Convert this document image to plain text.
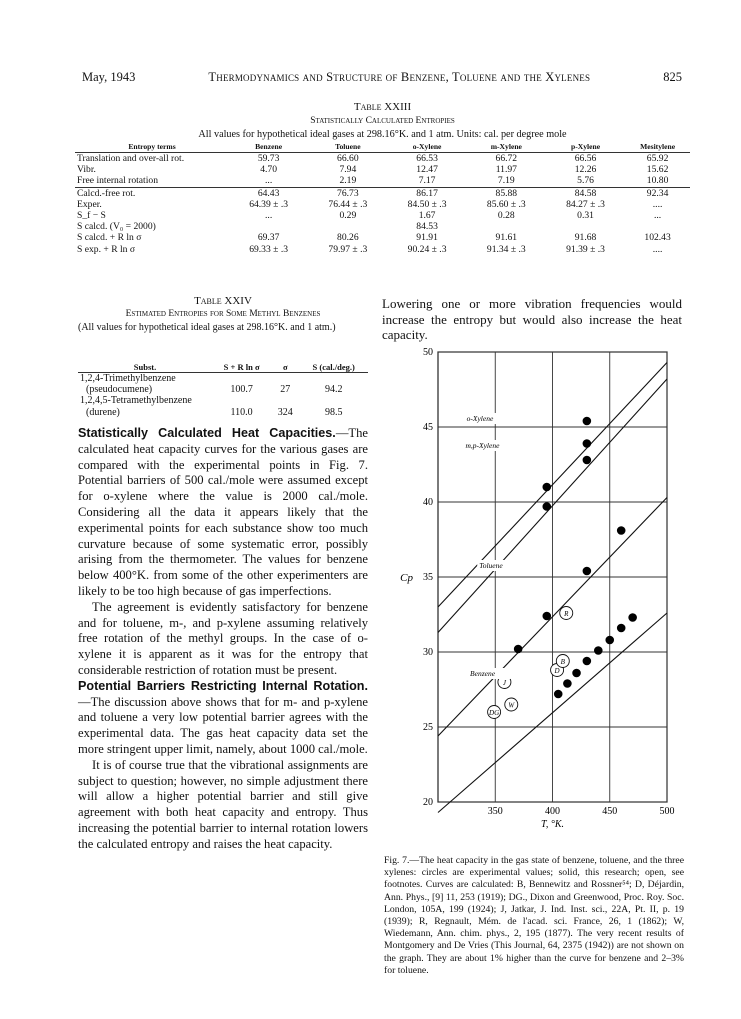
May, 1943	Thermodynamics and Structure of Benzene, Toluene and the Xylenes	825
Table XXIII
Statistically Calculated Entropies
All values for hypothetical ideal gases at 298.16°K. and 1 atm. Units: cal. per degree mole
Entropy terms	Benzene	Toluene	o-Xylene	m-Xylene	p-Xylene	Mesitylene
Translation and over-all rot.	59.73	66.60	66.53	66.72	66.56	65.92
Vibr.	4.70	7.94	12.47	11.97	12.26	15.62
Free internal rotation	...	2.19	7.17	7.19	5.76	10.80
Calcd.-free rot.	64.43	76.73	86.17	85.88	84.58	92.34
Exper.	64.39 ± .3	76.44 ± .3	84.50 ± .3	85.60 ± .3	84.27 ± .3	....
S_f − S	...	0.29	1.67	0.28	0.31	...
S calcd. (V₀ = 2000)			84.53			
S calcd. + R ln σ	69.37	80.26	91.91	91.61	91.68	102.43
S exp. + R ln σ	69.33 ± .3	79.97 ± .3	90.24 ± .3	91.34 ± .3	91.39 ± .3	....
Table XXIV
Estimated Entropies for Some Methyl Benzenes
(All values for hypothetical ideal gases at 298.16°K. and 1 atm.)
Subst.	S + R ln σ	σ	S (cal./deg.)
1,2,4-Trimethylbenzene			
(pseudocumene)	100.7	27	94.2
1,2,4,5-Tetramethylbenzene			
(durene)	110.0	324	98.5

Statistically Calculated Heat Capacities.—The calculated heat capacity curves for the various gases are compared with the experimental points in Fig. 7. Potential barriers of 500 cal./mole were assumed except for o-xylene where the value is 2000 cal./mole. Considering all the data it appears likely that the experimental points for each substance show too much curvature because of some systematic error, possibly arising from the thermometer. The values for benzene below 400°K. from some of the other experimenters are likely to be too high because of gas imperfections.

The agreement is evidently satisfactory for benzene and for toluene, m-, and p-xylene assuming relatively free rotation of the methyl groups. In the case of o-xylene it is apparent as it was for the entropy that considerable restriction of rotation must be present.

Potential Barriers Restricting Internal Rotation.—The discussion above shows that for m- and p-xylene and toluene a very low potential barrier agrees with the experimental data. The gas heat capacity data set the more stringent upper limit, namely, about 1000 cal./mole.

It is of course true that the vibrational assignments are subject to question; however, no simple adjustment there will allow a higher potential barrier and still give agreement with both heat capacity and entropy. Thus increasing the potential barrier to internal rotation lowers the calculated entropy and raises the heat capacity.

Lowering one or more vibration frequencies would increase the entropy but would also increase the heat capacity.
350	400	450	500
20
25
30
35
40
45
50
T, °K.
Cp
R
J
D
B
DG
W
o-Xylene
m,p-Xylene
Toluene
Benzene
Fig. 7.—The heat capacity in the gas state of benzene, toluene, and the three xylenes: circles are experimental values; solid, this research; open, see footnotes. Curves are calculated: B, Bennewitz and Rossner⁵⁴; D, Déjardin, Ann. Phys., [9] 11, 253 (1919); DG., Dixon and Greenwood, Proc. Roy. Soc. London, 105A, 199 (1924); J, Jatkar, J. Ind. Inst. sci., 22A, Pt. II, p. 19 (1939); R, Regnault, Mém. de l'acad. sci. France, 26, 1 (1862); W, Wiedemann, Ann. chim. phys., 2, 195 (1877). The very recent results of Montgomery and De Vries (This Journal, 64, 2375 (1942)) are not shown on the graph. They are about 1% higher than the curve for benzene and 2–3% for toluene.
